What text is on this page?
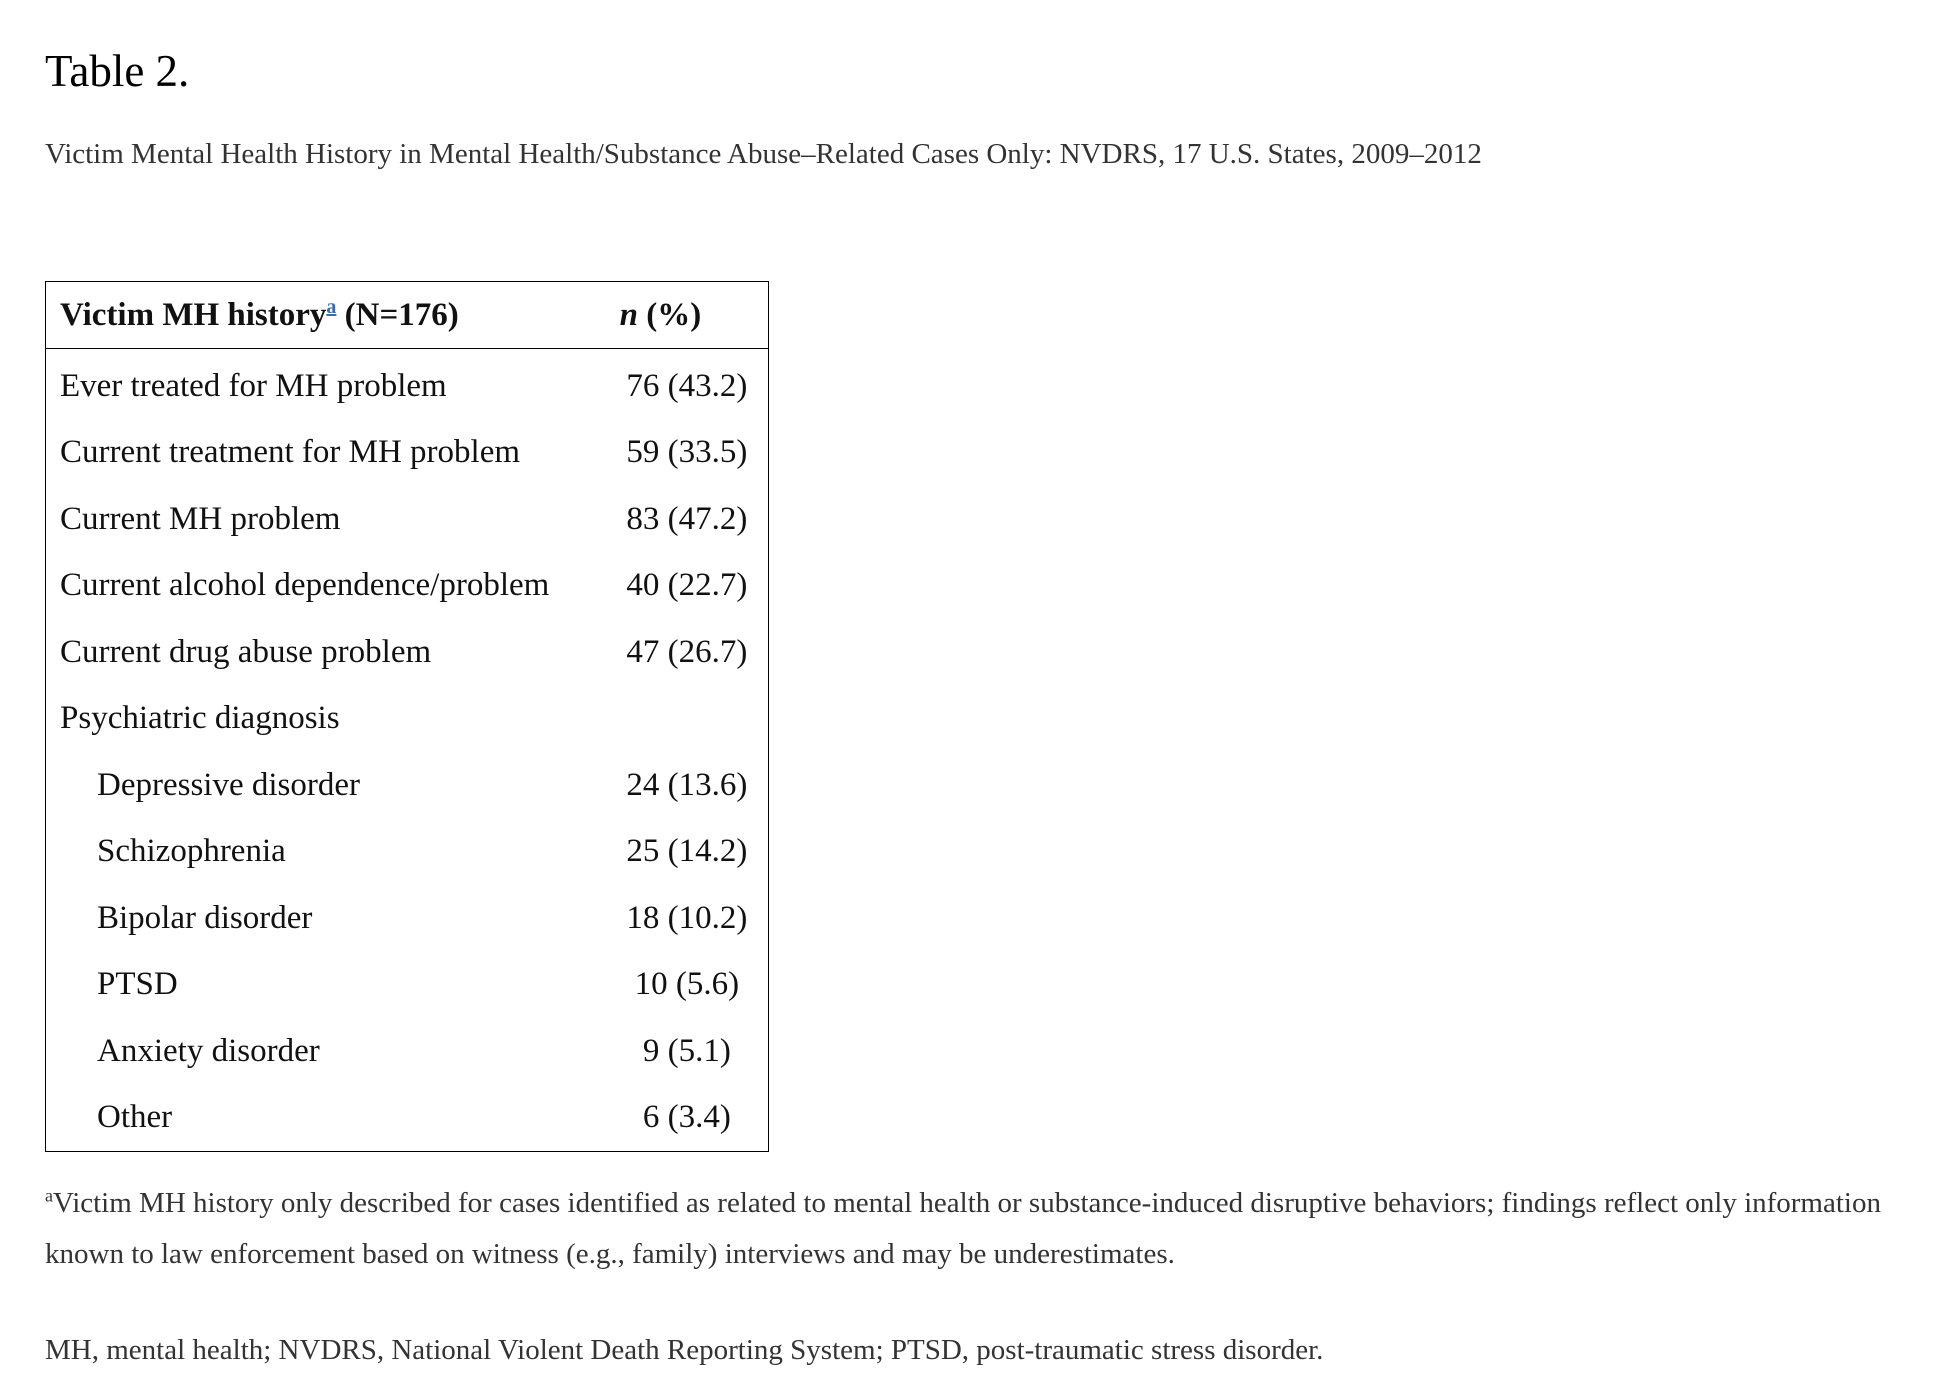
Table 2.

Victim Mental Health History in Mental Health/Substance Abuse–Related Cases Only: NVDRS, 17 U.S. States, 2009–2012

Victim MH history$^a$ (N=176)	n (%)
Ever treated for MH problem	76 (43.2)
Current treatment for MH problem	59 (33.5)
Current MH problem	83 (47.2)
Current alcohol dependence/problem	40 (22.7)
Current drug abuse problem	47 (26.7)
Psychiatric diagnosis	
Depressive disorder	24 (13.6)
Schizophrenia	25 (14.2)
Bipolar disorder	18 (10.2)
PTSD	10 (5.6)
Anxiety disorder	9 (5.1)
Other	6 (3.4)

$^a$Victim MH history only described for cases identified as related to mental health or substance-induced disruptive behaviors; findings reflect only information known to law enforcement based on witness (e.g., family) interviews and may be underestimates.

MH, mental health; NVDRS, National Violent Death Reporting System; PTSD, post-traumatic stress disorder.
